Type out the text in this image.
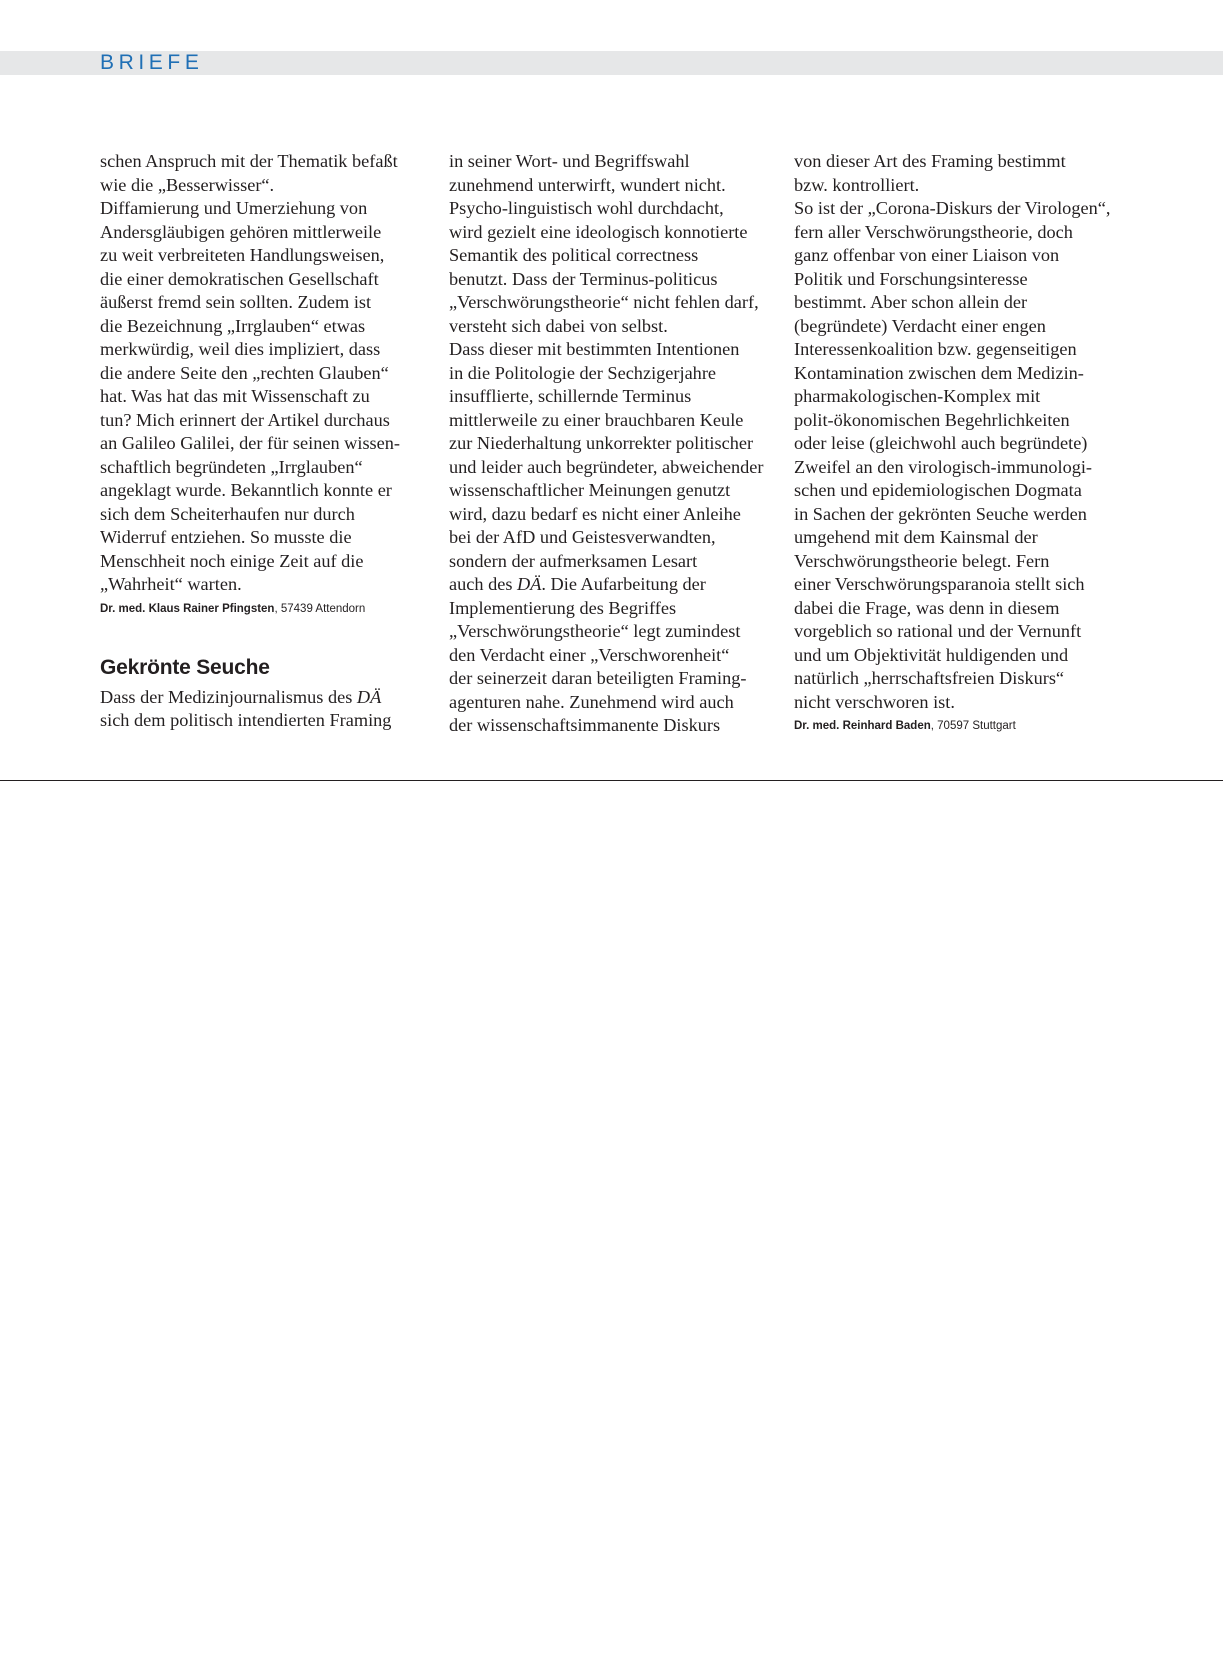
BRIEFE
schen Anspruch mit der Thematik befaßt
wie die „Besserwisser“.
Diffamierung und Umerziehung von
Andersgläubigen gehören mittlerweile
zu weit verbreiteten Handlungsweisen,
die einer demokratischen Gesellschaft
äußerst fremd sein sollten. Zudem ist
die Bezeichnung „Irrglauben“ etwas
merkwürdig, weil dies impliziert, dass
die andere Seite den „rechten Glauben“
hat. Was hat das mit Wissenschaft zu
tun? Mich erinnert der Artikel durchaus
an Galileo Galilei, der für seinen wissen-
schaftlich begründeten „Irrglauben“
angeklagt wurde. Bekanntlich konnte er
sich dem Scheiterhaufen nur durch
Widerruf entziehen. So musste die
Menschheit noch einige Zeit auf die
„Wahrheit“ warten.
Dr. med. Klaus Rainer Pfingsten, 57439 Attendorn
Gekrönte Seuche
Dass der Medizinjournalismus des DÄ
sich dem politisch intendierten Framing
in seiner Wort- und Begriffswahl
zunehmend unterwirft, wundert nicht.
Psycho-linguistisch wohl durchdacht,
wird gezielt eine ideologisch konnotierte
Semantik des political correctness
benutzt. Dass der Terminus-politicus
„Verschwörungstheorie“ nicht fehlen darf,
versteht sich dabei von selbst.
Dass dieser mit bestimmten Intentionen
in die Politologie der Sechzigerjahre
insufflierte, schillernde Terminus
mittlerweile zu einer brauchbaren Keule
zur Niederhaltung unkorrekter politischer
und leider auch begründeter, abweichender
wissenschaftlicher Meinungen genutzt
wird, dazu bedarf es nicht einer Anleihe
bei der AfD und Geistesverwandten,
sondern der aufmerksamen Lesart
auch des DÄ. Die Aufarbeitung der
Implementierung des Begriffes
„Verschwörungstheorie“ legt zumindest
den Verdacht einer „Verschworenheit“
der seinerzeit daran beteiligten Framing-
agenturen nahe. Zunehmend wird auch
der wissenschaftsimmanente Diskurs
von dieser Art des Framing bestimmt
bzw. kontrolliert.
So ist der „Corona-Diskurs der Virologen“,
fern aller Verschwörungstheorie, doch
ganz offenbar von einer Liaison von
Politik und Forschungsinteresse
bestimmt. Aber schon allein der
(begründete) Verdacht einer engen
Interessenkoalition bzw. gegenseitigen
Kontamination zwischen dem Medizin-
pharmakologischen-Komplex mit
polit-ökonomischen Begehrlichkeiten
oder leise (gleichwohl auch begründete)
Zweifel an den virologisch-immunologi-
schen und epidemiologischen Dogmata
in Sachen der gekrönten Seuche werden
umgehend mit dem Kainsmal der
Verschwörungstheorie belegt. Fern
einer Verschwörungsparanoia stellt sich
dabei die Frage, was denn in diesem
vorgeblich so rational und der Vernunft
und um Objektivität huldigenden und
natürlich „herrschaftsfreien Diskurs“
nicht verschworen ist.
Dr. med. Reinhard Baden, 70597 Stuttgart
